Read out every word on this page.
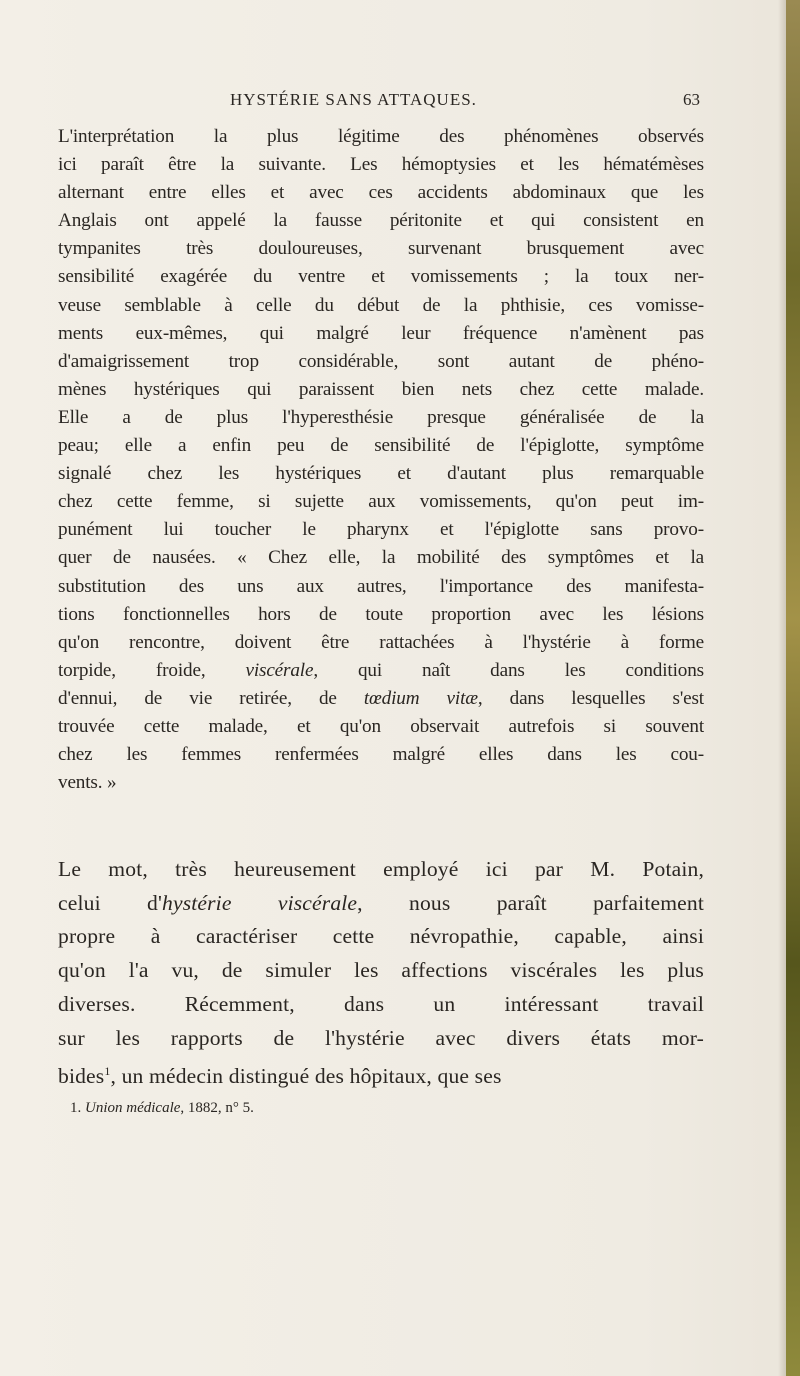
HYSTÉRIE SANS ATTAQUES.	63
L'interprétation la plus légitime des phénomènes observés
ici paraît être la suivante. Les hémoptysies et les hématémèses
alternant entre elles et avec ces accidents abdominaux que les
Anglais ont appelé la fausse péritonite et qui consistent en
tympanites très douloureuses, survenant brusquement avec
sensibilité exagérée du ventre et vomissements ; la toux ner-
veuse semblable à celle du début de la phthisie, ces vomisse-
ments eux-mêmes, qui malgré leur fréquence n'amènent pas
d'amaigrissement trop considérable, sont autant de phéno-
mènes hystériques qui paraissent bien nets chez cette malade.
Elle a de plus l'hyperesthésie presque généralisée de la
peau; elle a enfin peu de sensibilité de l'épiglotte, symptôme
signalé chez les hystériques et d'autant plus remarquable
chez cette femme, si sujette aux vomissements, qu'on peut im-
punément lui toucher le pharynx et l'épiglotte sans provo-
quer de nausées. « Chez elle, la mobilité des symptômes et la
substitution des uns aux autres, l'importance des manifesta-
tions fonctionnelles hors de toute proportion avec les lésions
qu'on rencontre, doivent être rattachées à l'hystérie à forme
torpide, froide, viscérale, qui naît dans les conditions
d'ennui, de vie retirée, de tœdium vitæ, dans lesquelles s'est
trouvée cette malade, et qu'on observait autrefois si souvent
chez les femmes renfermées malgré elles dans les cou-
vents. »
Le mot, très heureusement employé ici par M. Potain,
celui d'hystérie viscérale, nous paraît parfaitement
propre à caractériser cette névropathie, capable, ainsi
qu'on l'a vu, de simuler les affections viscérales les plus
diverses. Récemment, dans un intéressant travail
sur les rapports de l'hystérie avec divers états mor-
bides$^1$, un médecin distingué des hôpitaux, que ses
1. Union médicale, 1882, n° 5.
